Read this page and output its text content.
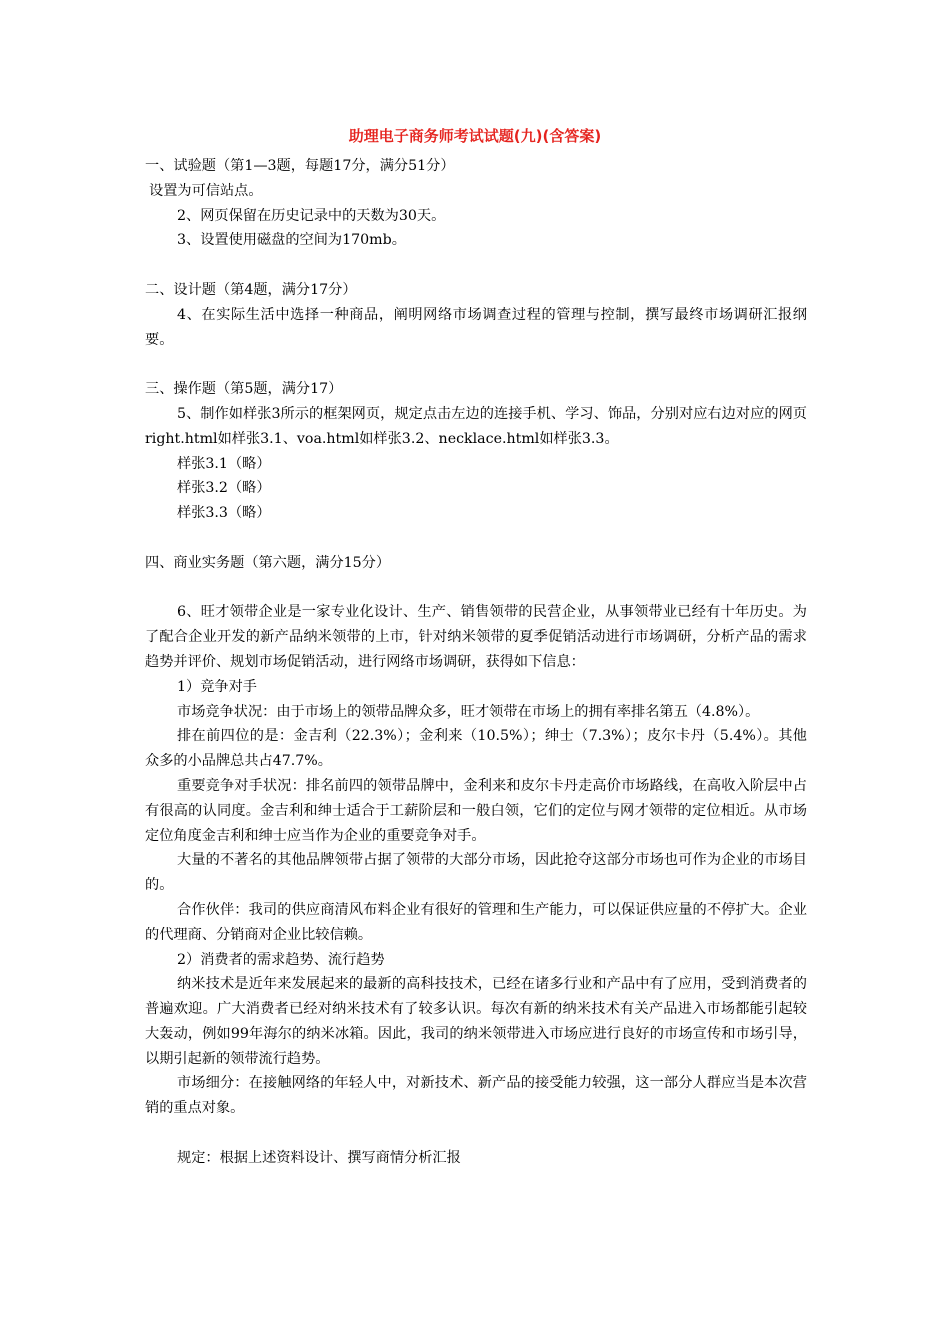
助理电子商务师考试试题(九)(含答案)

一、试验题（第1—3题，每题17分，满分51分）

设置为可信站点。

2、网页保留在历史记录中的天数为30天。

3、设置使用磁盘的空间为170mb。

二、设计题（第4题，满分17分）

4、在实际生活中选择一种商品，阐明网络市场调查过程的管理与控制，撰写最终市场调研汇报纲要。

三、操作题（第5题，满分17）

5、制作如样张3所示的框架网页，规定点击左边的连接手机、学习、饰品，分别对应右边对应的网页right.html如样张3.1、voa.html如样张3.2、necklace.html如样张3.3。

样张3.1（略）

样张3.2（略）

样张3.3（略）

四、商业实务题（第六题，满分15分）

6、旺才领带企业是一家专业化设计、生产、销售领带的民营企业，从事领带业已经有十年历史。为了配合企业开发的新产品纳米领带的上市，针对纳米领带的夏季促销活动进行市场调研，分析产品的需求趋势并评价、规划市场促销活动，进行网络市场调研，获得如下信息：

1）竞争对手

市场竞争状况：由于市场上的领带品牌众多，旺才领带在市场上的拥有率排名第五（4.8%）。

排在前四位的是：金吉利（22.3%）；金利来（10.5%）；绅士（7.3%）；皮尔卡丹（5.4%）。其他众多的小品牌总共占47.7%。

重要竞争对手状况：排名前四的领带品牌中，金利来和皮尔卡丹走高价市场路线，在高收入阶层中占有很高的认同度。金吉利和绅士适合于工薪阶层和一般白领，它们的定位与网才领带的定位相近。从市场定位角度金吉利和绅士应当作为企业的重要竞争对手。

大量的不著名的其他品牌领带占据了领带的大部分市场，因此抢夺这部分市场也可作为企业的市场目的。

合作伙伴：我司的供应商清风布料企业有很好的管理和生产能力，可以保证供应量的不停扩大。企业的代理商、分销商对企业比较信赖。

2）消费者的需求趋势、流行趋势

纳米技术是近年来发展起来的最新的高科技技术，已经在诸多行业和产品中有了应用，受到消费者的普遍欢迎。广大消费者已经对纳米技术有了较多认识。每次有新的纳米技术有关产品进入市场都能引起较大轰动，例如99年海尔的纳米冰箱。因此，我司的纳米领带进入市场应进行良好的市场宣传和市场引导，以期引起新的领带流行趋势。

市场细分：在接触网络的年轻人中，对新技术、新产品的接受能力较强，这一部分人群应当是本次营销的重点对象。

规定：根据上述资料设计、撰写商情分析汇报
